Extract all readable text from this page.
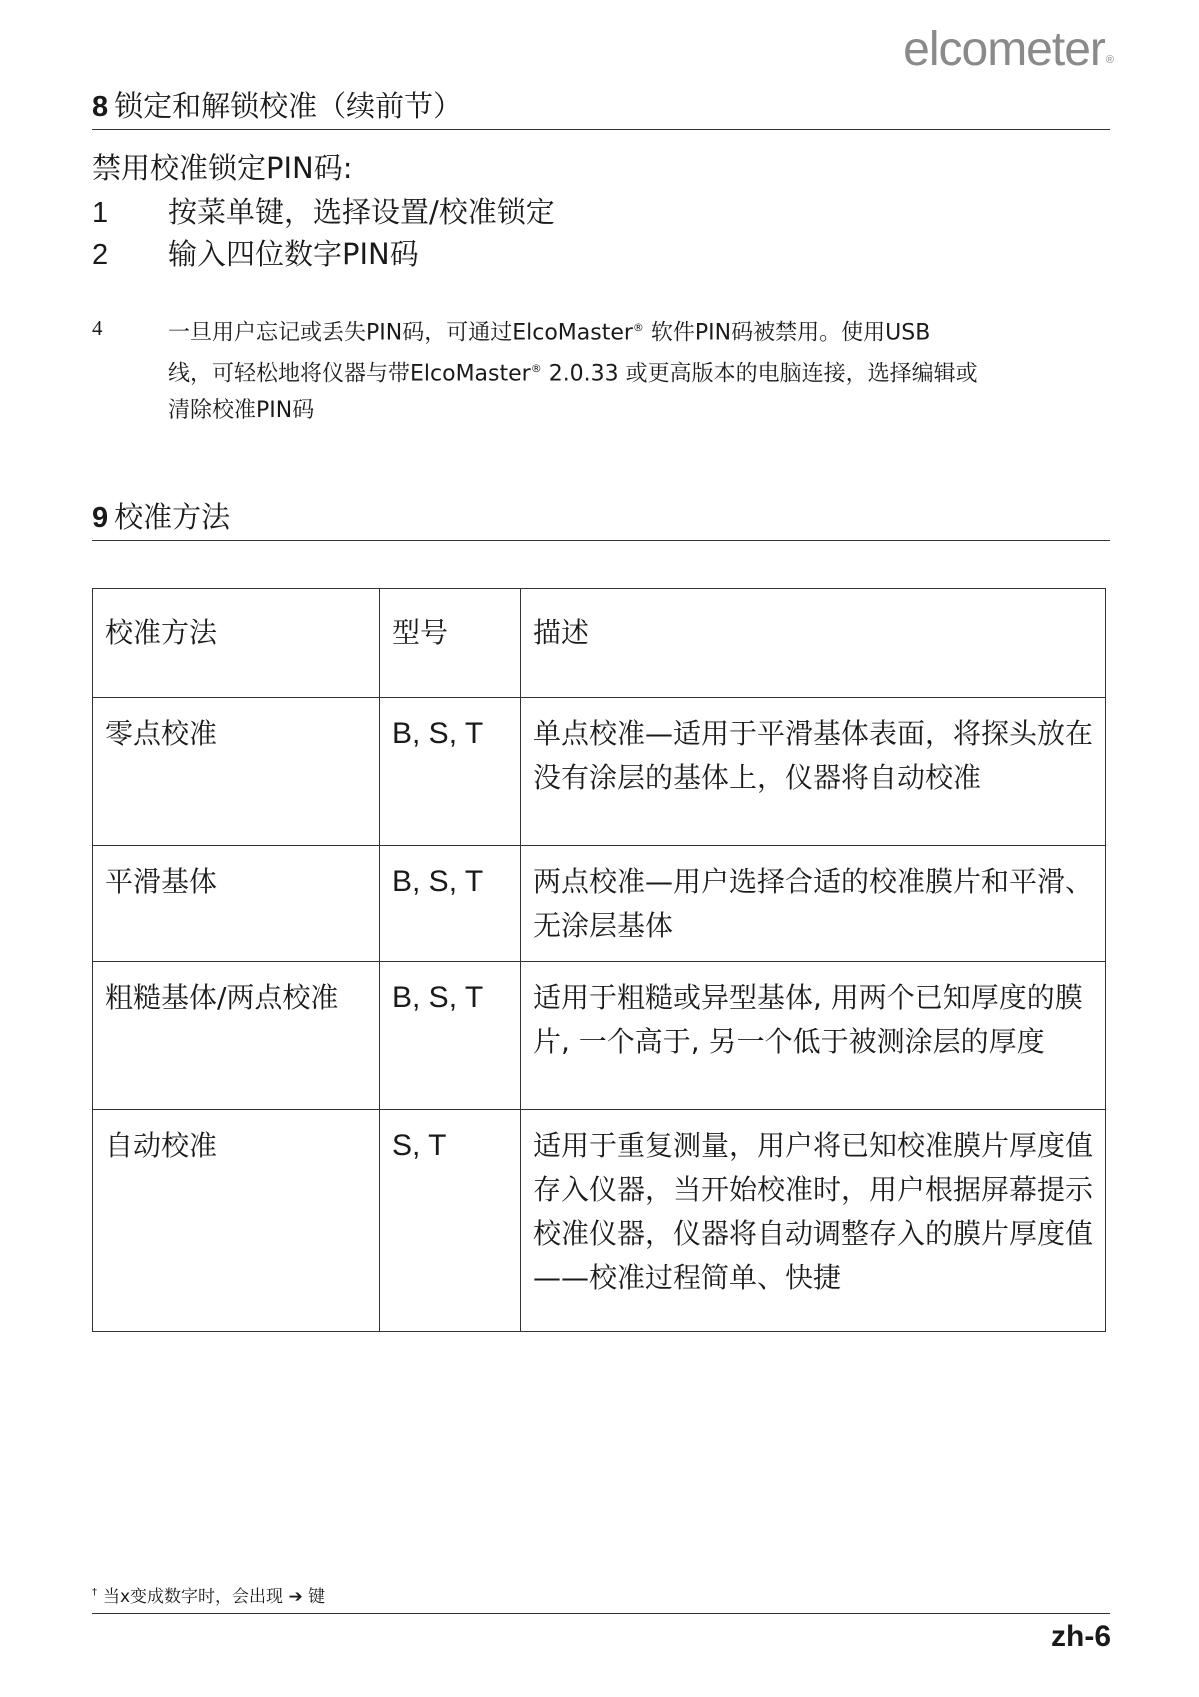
elcometer®
8 锁定和解锁校准（续前节）
禁用校准锁定PIN码:
1 按菜单键，选择设置/校准锁定
2 输入四位数字PIN码
4	一旦用户忘记或丢失PIN码，可通过ElcoMaster® 软件PIN码被禁用。使用USB
线，可轻松地将仪器与带ElcoMaster® 2.0.33 或更高版本的电脑连接，选择编辑或
清除校准PIN码
9 校准方法
校准方法	型号	描述
零点校准	B, S, T	单点校准—适用于平滑基体表面，将探头放在没有涂层的基体上，仪器将自动校准
平滑基体	B, S, T	两点校准—用户选择合适的校准膜片和平滑、无涂层基体
粗糙基体/两点校准	B, S, T	适用于粗糙或异型基体, 用两个已知厚度的膜片, 一个高于, 另一个低于被测涂层的厚度
自动校准	S, T	适用于重复测量，用户将已知校准膜片厚度值存入仪器，当开始校准时，用户根据屏幕提示校准仪器，仪器将自动调整存入的膜片厚度值——校准过程简单、快捷
† 当x变成数字时，会出现 ➔ 键
zh-6
